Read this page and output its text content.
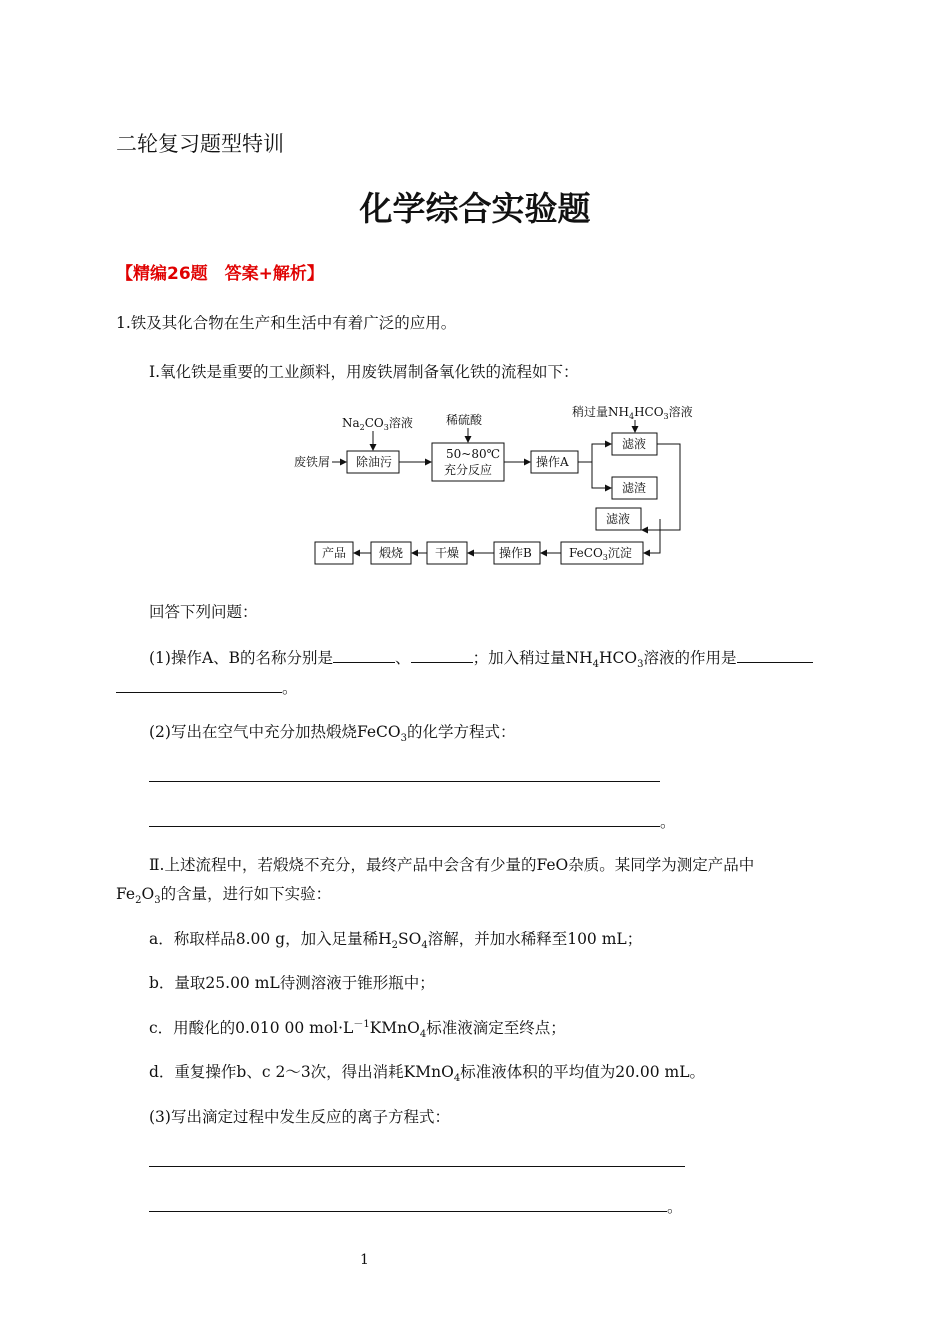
二轮复习题型特训
化学综合实验题
【精编26题　答案+解析】
1.铁及其化合物在生产和生活中有着广泛的应用。
Ⅰ.氧化铁是重要的工业颜料，用废铁屑制备氧化铁的流程如下：
废铁屑
$Na_2CO_3$溶液
除油污
稀硫酸
50~80℃
充分反应
操作A
稍过量$NH_4HCO_3$溶液
滤液
滤渣
滤液
FeCO$_3$沉淀
操作B
干燥
煅烧
产品
回答下列问题：
(1)操作A、B的名称分别是	、	；加入稍过量$NH_4HCO_3$溶液的作用是
。
(2)写出在空气中充分加热煅烧FeCO$_3$的化学方程式：
。
Ⅱ.上述流程中，若煅烧不充分，最终产品中会含有少量的FeO杂质。某同学为测定产品中
$Fe_2O_3$的含量，进行如下实验：
a．称取样品8.00 g，加入足量稀$H_2SO_4$溶解，并加水稀释至100 mL；
b．量取25.00 mL待测溶液于锥形瓶中；
c．用酸化的0.010 00 $mol\cdot L^{-1}KMnO_4$标准液滴定至终点；
d．重复操作b、c 2～3次，得出消耗KMnO$_4$标准液体积的平均值为20.00 mL。
(3)写出滴定过程中发生反应的离子方程式：
。
1
